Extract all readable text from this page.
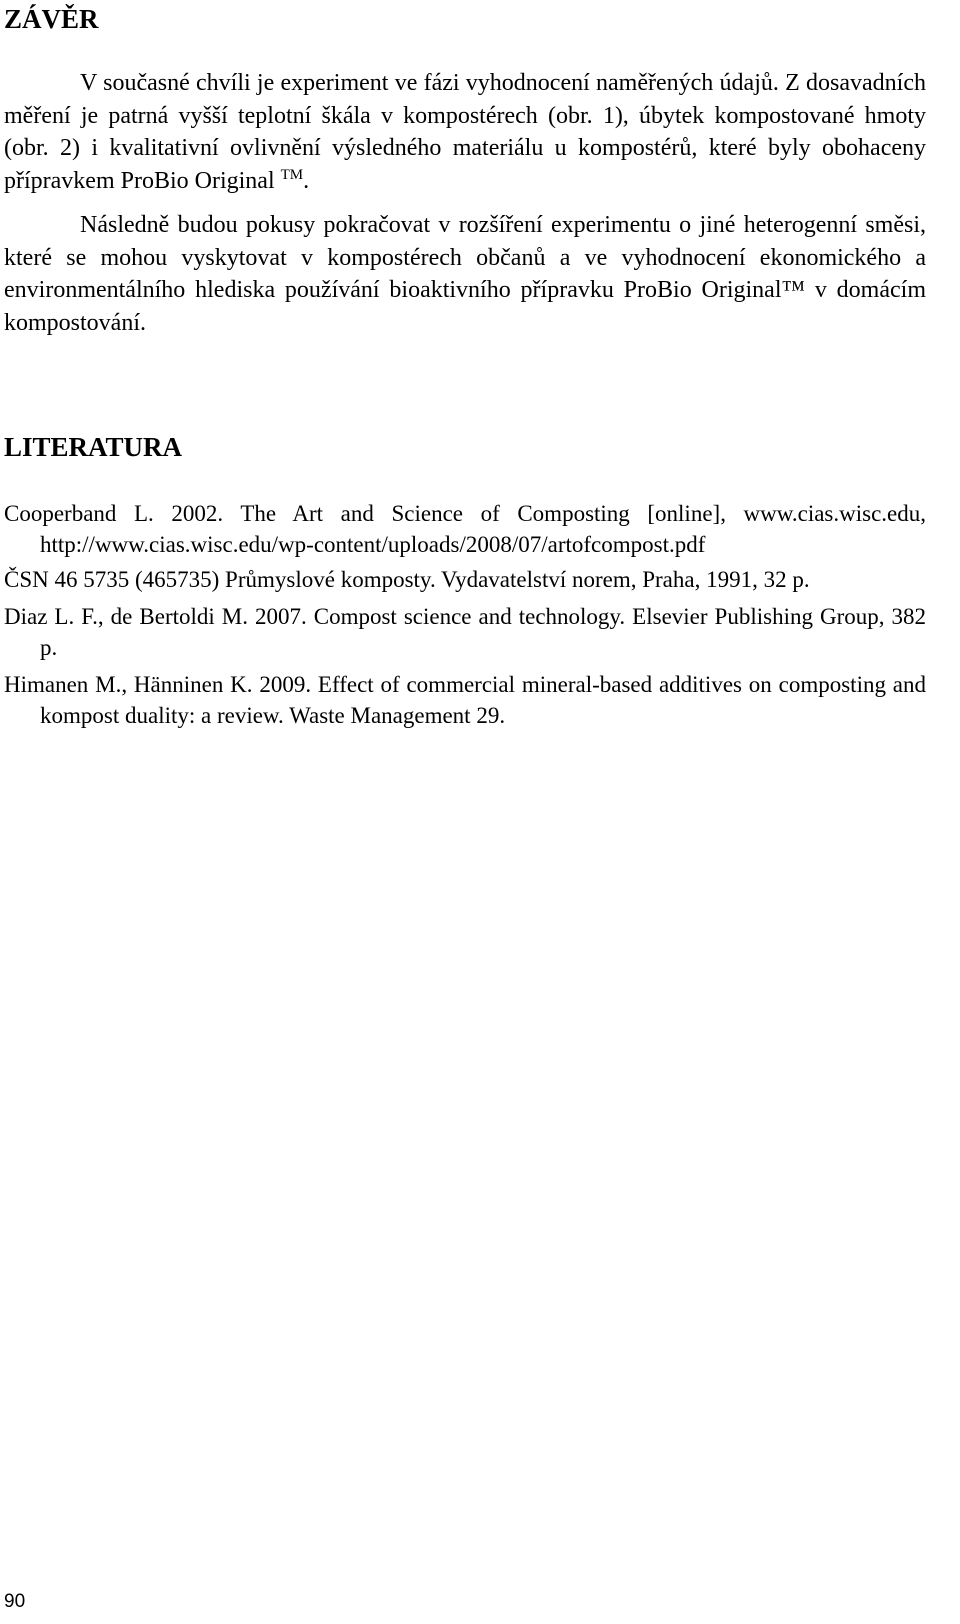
ZÁVĚR

V současné chvíli je experiment ve fázi vyhodnocení naměřených údajů. Z dosavadních měření je patrná vyšší teplotní škála v kompostérech (obr. 1), úbytek kompostované hmoty (obr. 2) i kvalitativní ovlivnění výsledného materiálu u kompostérů, které byly obohaceny přípravkem ProBio Original ™.

Následně budou pokusy pokračovat v rozšíření experimentu o jiné heterogenní směsi, které se mohou vyskytovat v kompostérech občanů a ve vyhodnocení ekonomického a environmentálního hlediska používání bioaktivního přípravku ProBio Original™ v domácím kompostování.

LITERATURA
Cooperband L. 2002. The Art and Science of Composting [online], www.cias.wisc.edu, http://www.cias.wisc.edu/wp-content/uploads/2008/07/artofcompost.pdf
ČSN 46 5735 (465735) Průmyslové komposty. Vydavatelství norem, Praha, 1991, 32 p.
Diaz L. F., de Bertoldi M. 2007. Compost science and technology. Elsevier Publishing Group, 382 p.
Himanen M., Hänninen K. 2009. Effect of commercial mineral-based additives on composting and kompost duality: a review. Waste Management 29.
90
